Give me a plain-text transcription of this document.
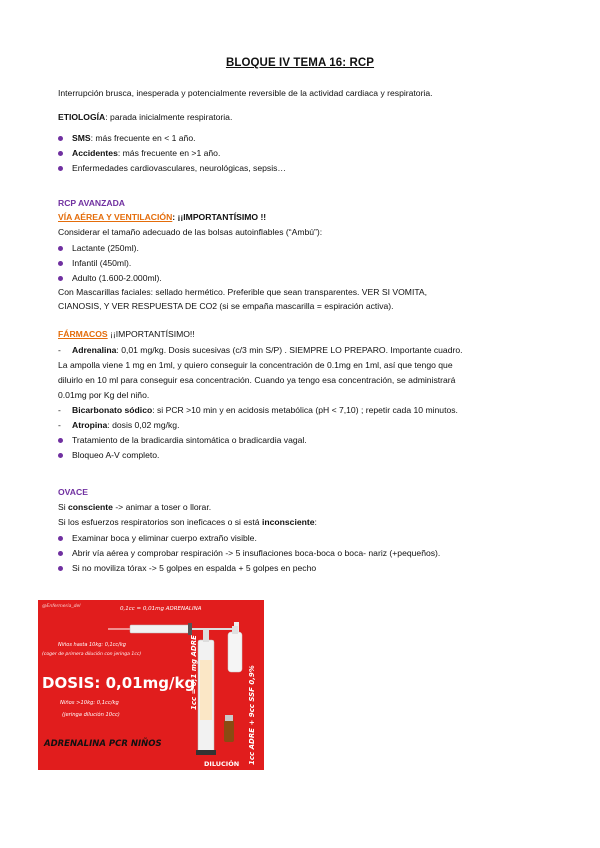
BLOQUE IV TEMA 16: RCP
Interrupción brusca, inesperada y potencialmente reversible de la actividad cardiaca y respiratoria.
ETIOLOGÍA: parada inicialmente respiratoria.
SMS: más frecuente en < 1 año.
Accidentes: más frecuente en >1 año.
Enfermedades cardiovasculares, neurológicas, sepsis…
RCP AVANZADA
VÍA AÉREA Y VENTILACIÓN: ¡¡IMPORTANTÍSIMO !!
Considerar el tamaño adecuado de las bolsas autoinflables (“Ambú”):
Lactante (250ml).
Infantil (450ml).
Adulto (1.600-2.000ml).
Con Mascarillas faciales: sellado hermético. Preferible que sean transparentes. VER SI VOMITA,
CIANOSIS, Y VER RESPUESTA DE CO2 (si se empaña mascarilla = espiración activa).
FÁRMACOS ¡¡IMPORTANTÍSIMO!!
- Adrenalina: 0,01 mg/kg. Dosis sucesivas (c/3 min S/P) . SIEMPRE LO PREPARO. Importante cuadro.
La ampolla viene 1 mg en 1ml, y quiero conseguir la concentración de 0.1mg en 1ml, así que tengo que
diluirlo en 10 ml para conseguir esa concentración. Cuando ya tengo esa concentración, se administrará
0.01mg por Kg del niño.
- Bicarbonato sódico: si PCR >10 min y en acidosis metabólica (pH < 7,10) ; repetir cada 10 minutos.
- Atropina: dosis 0,02 mg/kg.
Tratamiento de la bradicardia sintomática o bradicardia vagal.
Bloqueo A-V completo.
OVACE
Si consciente -> animar a toser o llorar.
Si los esfuerzos respiratorios son ineficaces o si está inconsciente:
Examinar boca y eliminar cuerpo extraño visible.
Abrir vía aérea y comprobar respiración -> 5 insuflaciones boca-boca o boca- nariz (+pequeños).
Si no moviliza tórax -> 5 golpes en espalda + 5 golpes en pecho
@Enfermeria_del	0,1cc = 0,01mg ADRENALINA
Niños hasta 10kg: 0,1cc/kg
(coger de primera dilución con jeringa 1cc)
DOSIS: 0,01mg/kg
Niños >10kg: 0,1cc/kg
(jeringa dilución 10cc)
1cc = 0,1 mg ADRE	1cc ADRE + 9cc SSF 0,9%
ADRENALINA PCR NIÑOS
DILUCIÓN
